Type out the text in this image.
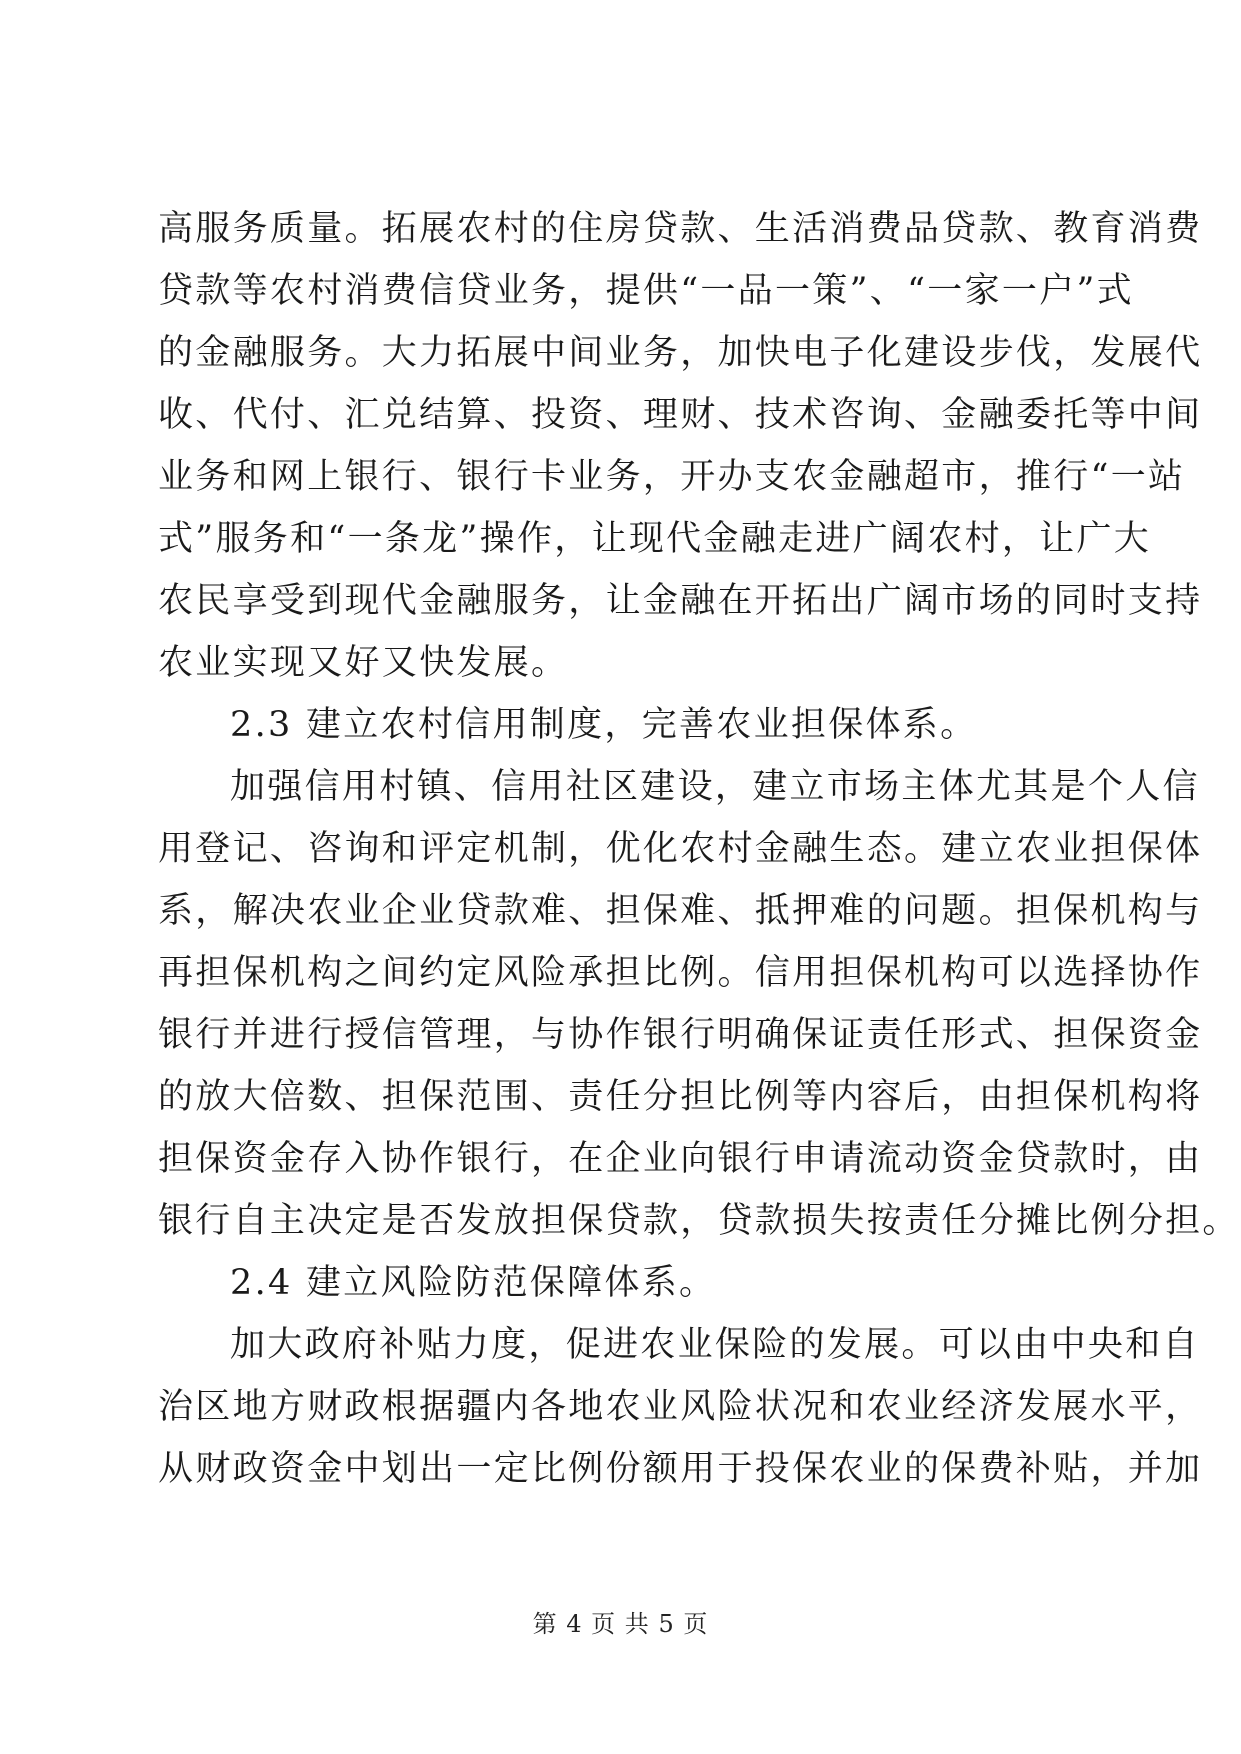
高服务质量。拓展农村的住房贷款、生活消费品贷款、教育消费
贷款等农村消费信贷业务，提供“一品一策”、“一家一户”式
的金融服务。大力拓展中间业务，加快电子化建设步伐，发展代
收、代付、汇兑结算、投资、理财、技术咨询、金融委托等中间
业务和网上银行、银行卡业务，开办支农金融超市，推行“一站
式”服务和“一条龙”操作，让现代金融走进广阔农村，让广大
农民享受到现代金融服务，让金融在开拓出广阔市场的同时支持
农业实现又好又快发展。
2.3 建立农村信用制度，完善农业担保体系。
加强信用村镇、信用社区建设，建立市场主体尤其是个人信
用登记、咨询和评定机制，优化农村金融生态。建立农业担保体
系，解决农业企业贷款难、担保难、抵押难的问题。担保机构与
再担保机构之间约定风险承担比例。信用担保机构可以选择协作
银行并进行授信管理，与协作银行明确保证责任形式、担保资金
的放大倍数、担保范围、责任分担比例等内容后，由担保机构将
担保资金存入协作银行，在企业向银行申请流动资金贷款时，由
银行自主决定是否发放担保贷款，贷款损失按责任分摊比例分担。
2.4 建立风险防范保障体系。
加大政府补贴力度，促进农业保险的发展。可以由中央和自
治区地方财政根据疆内各地农业风险状况和农业经济发展水平，
从财政资金中划出一定比例份额用于投保农业的保费补贴，并加
第 4 页 共 5 页
